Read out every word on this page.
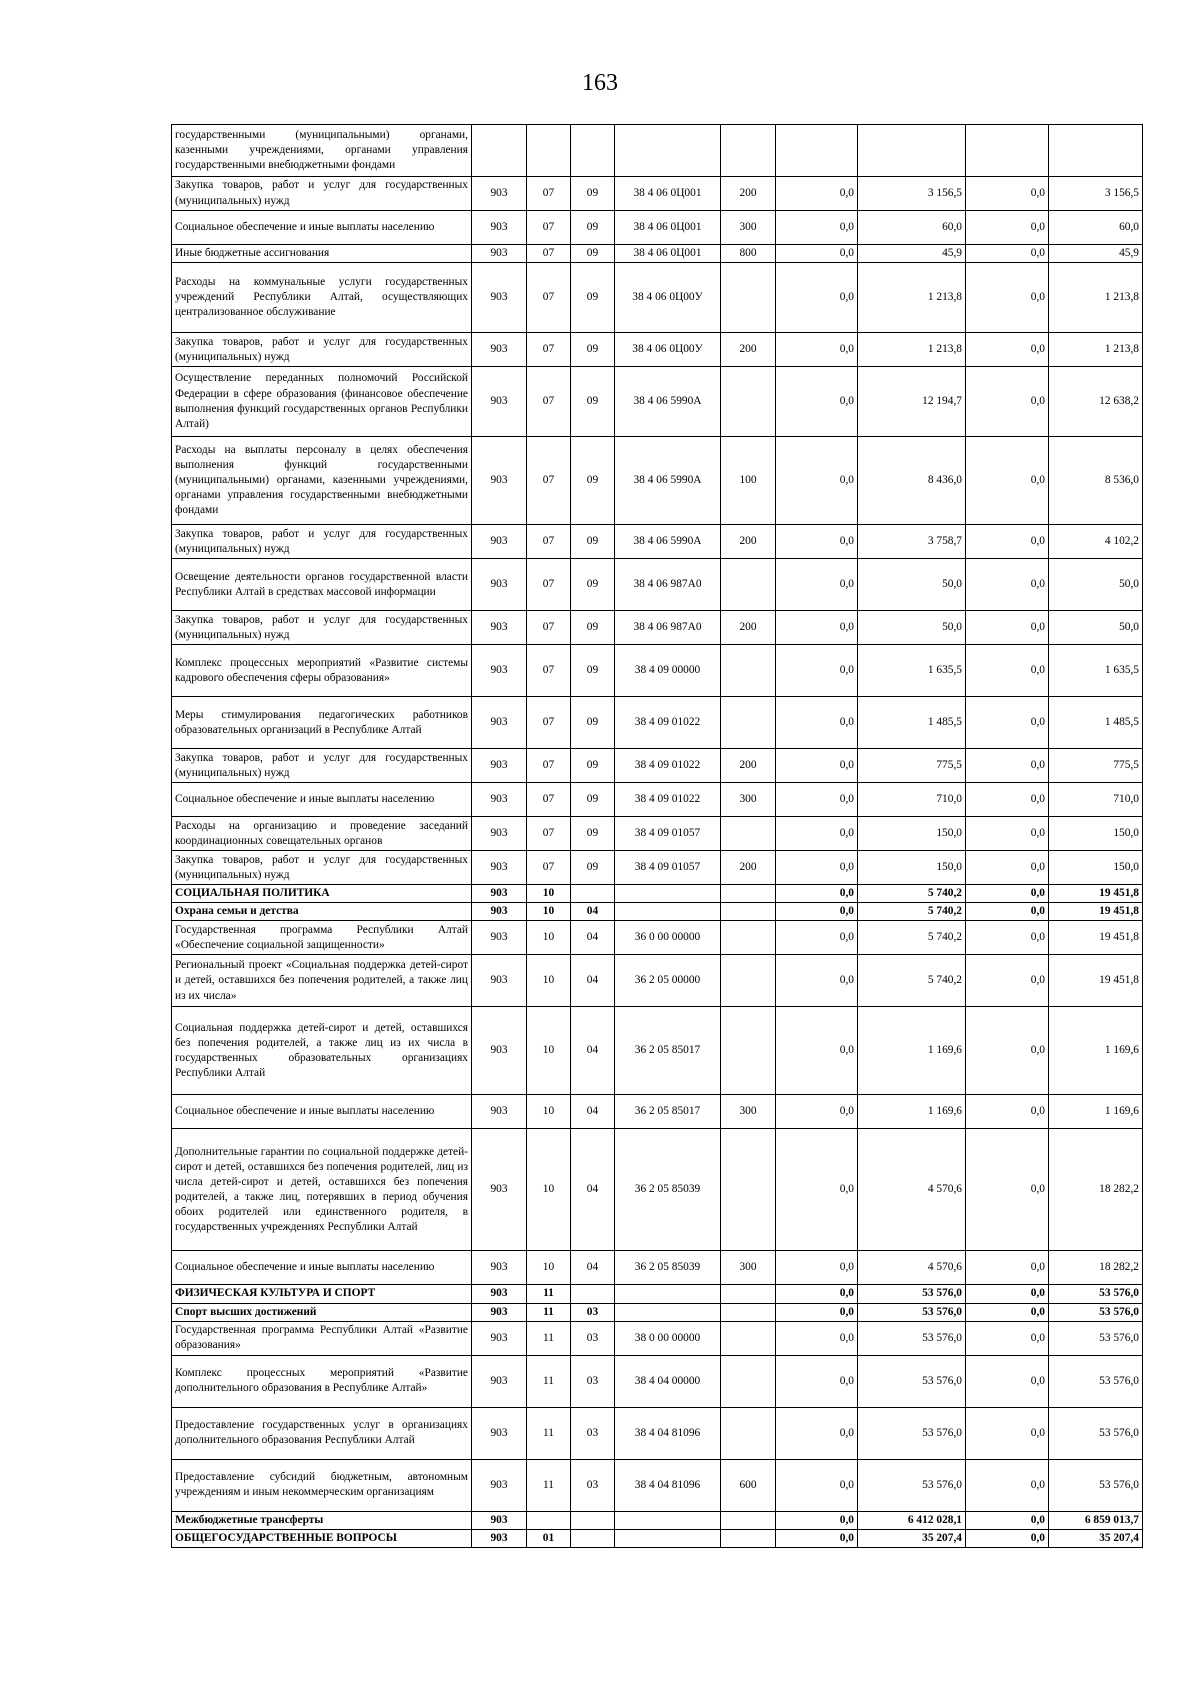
163
государственными (муниципальными) органами, казенными учреждениями, органами управления государственными внебюджетными фондами									
Закупка товаров, работ и услуг для государственных (муниципальных) нужд	903	07	09	38 4 06 0Ц001	200	0,0	3 156,5	0,0	3 156,5
Социальное обеспечение и иные выплаты населению	903	07	09	38 4 06 0Ц001	300	0,0	60,0	0,0	60,0
Иные бюджетные ассигнования	903	07	09	38 4 06 0Ц001	800	0,0	45,9	0,0	45,9
Расходы на коммунальные услуги государственных учреждений Республики Алтай, осуществляющих централизованное обслуживание	903	07	09	38 4 06 0Ц00У		0,0	1 213,8	0,0	1 213,8
Закупка товаров, работ и услуг для государственных (муниципальных) нужд	903	07	09	38 4 06 0Ц00У	200	0,0	1 213,8	0,0	1 213,8
Осуществление переданных полномочий Российской Федерации в сфере образования (финансовое обеспечение выполнения функций государственных органов Республики Алтай)	903	07	09	38 4 06 5990А		0,0	12 194,7	0,0	12 638,2
Расходы на выплаты персоналу в целях обеспечения выполнения функций государственными (муниципальными) органами, казенными учреждениями, органами управления государственными внебюджетными фондами	903	07	09	38 4 06 5990А	100	0,0	8 436,0	0,0	8 536,0
Закупка товаров, работ и услуг для государственных (муниципальных) нужд	903	07	09	38 4 06 5990А	200	0,0	3 758,7	0,0	4 102,2
Освещение деятельности органов государственной власти Республики Алтай в средствах массовой информации	903	07	09	38 4 06 987А0		0,0	50,0	0,0	50,0
Закупка товаров, работ и услуг для государственных (муниципальных) нужд	903	07	09	38 4 06 987А0	200	0,0	50,0	0,0	50,0
Комплекс процессных мероприятий «Развитие системы кадрового обеспечения сферы образования»	903	07	09	38 4 09 00000		0,0	1 635,5	0,0	1 635,5
Меры стимулирования педагогических работников образовательных организаций в Республике Алтай	903	07	09	38 4 09 01022		0,0	1 485,5	0,0	1 485,5
Закупка товаров, работ и услуг для государственных (муниципальных) нужд	903	07	09	38 4 09 01022	200	0,0	775,5	0,0	775,5
Социальное обеспечение и иные выплаты населению	903	07	09	38 4 09 01022	300	0,0	710,0	0,0	710,0
Расходы на организацию и проведение заседаний координационных совещательных органов	903	07	09	38 4 09 01057		0,0	150,0	0,0	150,0
Закупка товаров, работ и услуг для государственных (муниципальных) нужд	903	07	09	38 4 09 01057	200	0,0	150,0	0,0	150,0
СОЦИАЛЬНАЯ ПОЛИТИКА	903	10				0,0	5 740,2	0,0	19 451,8
Охрана семьи и детства	903	10	04			0,0	5 740,2	0,0	19 451,8
Государственная программа Республики Алтай «Обеспечение социальной защищенности»	903	10	04	36 0 00 00000		0,0	5 740,2	0,0	19 451,8
Региональный проект «Социальная поддержка детей-сирот и детей, оставшихся без попечения родителей, а также лиц из их числа»	903	10	04	36 2 05 00000		0,0	5 740,2	0,0	19 451,8
Социальная поддержка детей-сирот и детей, оставшихся без попечения родителей, а также лиц из их числа в государственных образовательных организациях Республики Алтай	903	10	04	36 2 05 85017		0,0	1 169,6	0,0	1 169,6
Социальное обеспечение и иные выплаты населению	903	10	04	36 2 05 85017	300	0,0	1 169,6	0,0	1 169,6
Дополнительные гарантии по социальной поддержке детей-сирот и детей, оставшихся без попечения родителей, лиц из числа детей-сирот и детей, оставшихся без попечения родителей, а также лиц, потерявших в период обучения обоих родителей или единственного родителя, в государственных учреждениях Республики Алтай	903	10	04	36 2 05 85039		0,0	4 570,6	0,0	18 282,2
Социальное обеспечение и иные выплаты населению	903	10	04	36 2 05 85039	300	0,0	4 570,6	0,0	18 282,2
ФИЗИЧЕСКАЯ КУЛЬТУРА И СПОРТ	903	11				0,0	53 576,0	0,0	53 576,0
Спорт высших достижений	903	11	03			0,0	53 576,0	0,0	53 576,0
Государственная программа Республики Алтай «Развитие образования»	903	11	03	38 0 00 00000		0,0	53 576,0	0,0	53 576,0
Комплекс процессных мероприятий «Развитие дополнительного образования в Республике Алтай»	903	11	03	38 4 04 00000		0,0	53 576,0	0,0	53 576,0
Предоставление государственных услуг в организациях дополнительного образования Республики Алтай	903	11	03	38 4 04 81096		0,0	53 576,0	0,0	53 576,0
Предоставление субсидий бюджетным, автономным учреждениям и иным некоммерческим организациям	903	11	03	38 4 04 81096	600	0,0	53 576,0	0,0	53 576,0
Межбюджетные трансферты	903					0,0	6 412 028,1	0,0	6 859 013,7
ОБЩЕГОСУДАРСТВЕННЫЕ ВОПРОСЫ	903	01				0,0	35 207,4	0,0	35 207,4
